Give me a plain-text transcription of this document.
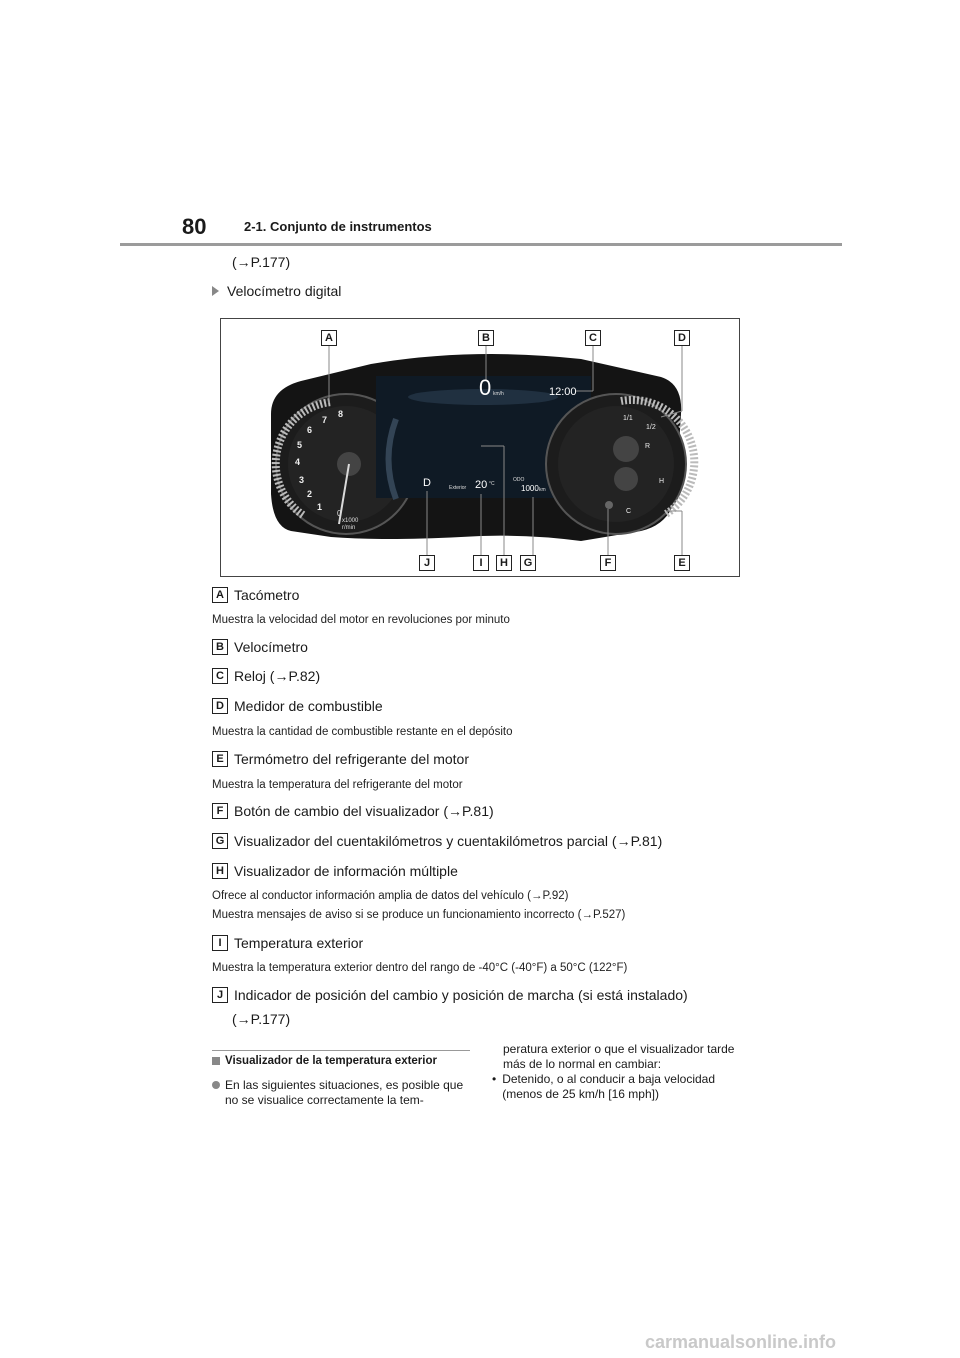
80	2-1. Conjunto de instrumentos
(→P.177)
Velocímetro digital
1
2
3
4
5
6
7
8
0
x1000
r/min
0 km/h	12:00
D	Exterior 20 °C
ODO
1000 km
1/1
1/2
R
H
C
A	B	C	D
J	I	H	G	F	E
A Tacómetro
Muestra la velocidad del motor en revoluciones por minuto
B Velocímetro
C Reloj (→P.82)
D Medidor de combustible
Muestra la cantidad de combustible restante en el depósito
E Termómetro del refrigerante del motor
Muestra la temperatura del refrigerante del motor
F Botón de cambio del visualizador (→P.81)
G Visualizador del cuentakilómetros y cuentakilómetros parcial (→P.81)
H Visualizador de información múltiple
Ofrece al conductor información amplia de datos del vehículo (→P.92)
Muestra mensajes de aviso si se produce un funcionamiento incorrecto (→P.527)
I Temperatura exterior
Muestra la temperatura exterior dentro del rango de -40°C (-40°F) a 50°C (122°F)
J Indicador de posición del cambio y posición de marcha (si está instalado)
(→P.177)
Visualizador de la temperatura exterior
En las siguientes situaciones, es posible que no se visualice correctamente la tem-
peratura exterior o que el visualizador tarde más de lo normal en cambiar:
• Detenido, o al conducir a baja velocidad (menos de 25 km/h [16 mph])
carmanualsonline.info
